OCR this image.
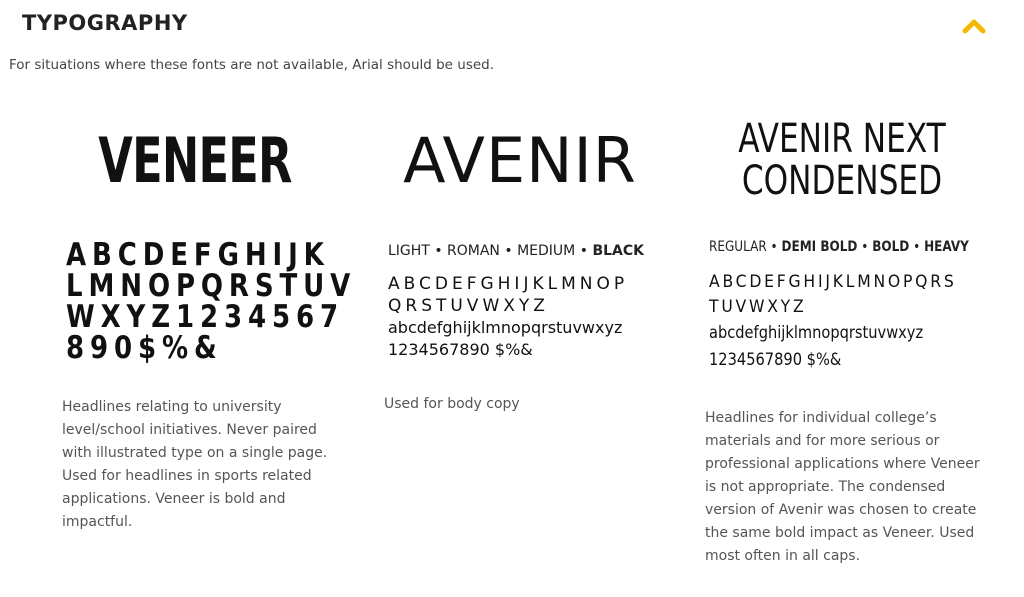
TYPOGRAPHY

For situations where these fonts are not available, Arial should be used.

VENEER
ABCDEFGHIJK
LMNOPQRSTUV
WXYZ1234567
890$%&

Headlines relating to university level/school initiatives. Never paired with illustrated type on a single page. Used for headlines in sports related applications. Veneer is bold and impactful.

AVENIR
LIGHT • ROMAN • MEDIUM • BLACK
ABCDEFGHIJKLMNOP
QRSTUVWXYZ
abcdefghijklmnopqrstuvwxyz
1234567890 $%&

Used for body copy

AVENIR NEXT CONDENSED
REGULAR • DEMI BOLD • BOLD • HEAVY
ABCDEFGHIJKLMNOPQRS
TUVWXYZ
abcdefghijklmnopqrstuvwxyz
1234567890 $%&

Headlines for individual college’s materials and for more serious or professional applications where Veneer is not appropriate. The condensed version of Avenir was chosen to create the same bold impact as Veneer. Used most often in all caps.
